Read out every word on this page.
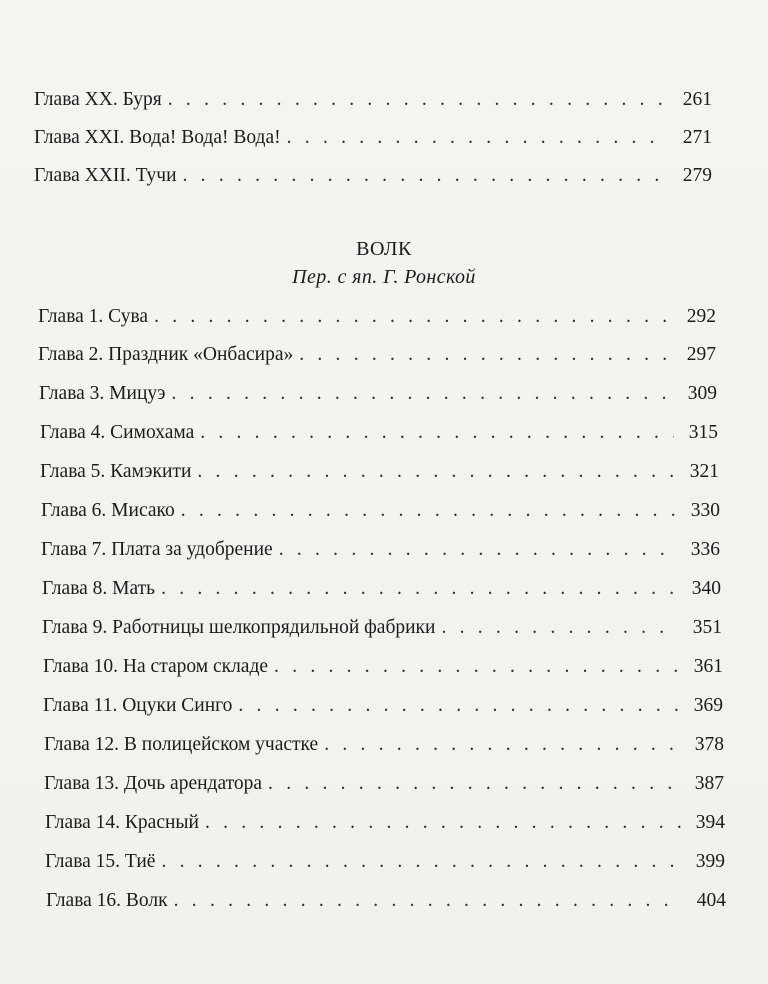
Глава XX. Буря . . .	261
Глава XXI. Вода! Вода! Вода! . . .	271
Глава XXII. Тучи . . .	279
ВОЛК
Пер. с яп. Г. Ронской
Глава 1. Сува . . .	292
Глава 2. Праздник «Онбасира» . . .	297
Глава 3. Мицуэ . . .	309
Глава 4. Симохама . . .	315
Глава 5. Камэкити . . .	321
Глава 6. Мисако . . .	330
Глава 7. Плата за удобрение . . .	336
Глава 8. Мать . . .	340
Глава 9. Работницы шелкопрядильной фабрики . . .	351
Глава 10. На старом складе . . .	361
Глава 11. Оцуки Синго . . .	369
Глава 12. В полицейском участке . . .	378
Глава 13. Дочь арендатора . . .	387
Глава 14. Красный . . .	394
Глава 15. Тиё . . .	399
Глава 16. Волк . . .	404
